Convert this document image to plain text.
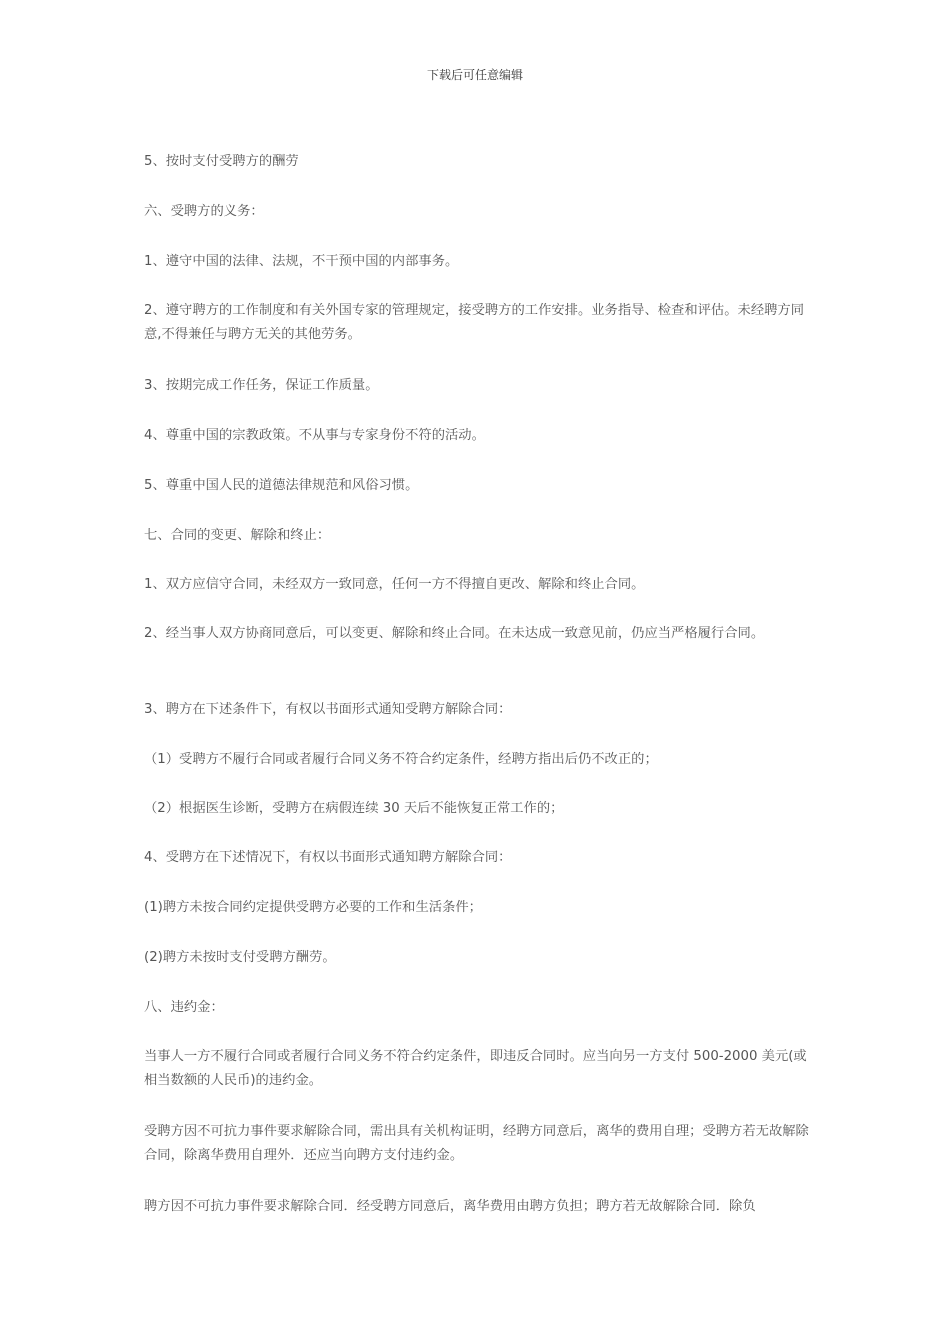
下载后可任意编辑

5、按时支付受聘方的酬劳

六、受聘方的义务：

1、遵守中国的法律、法规，不干预中国的内部事务。

2、遵守聘方的工作制度和有关外国专家的管理规定，接受聘方的工作安排。业务指导、检查和评估。未经聘方同意,不得兼任与聘方无关的其他劳务。

3、按期完成工作任务，保证工作质量。

4、尊重中国的宗教政策。不从事与专家身份不符的活动。

5、尊重中国人民的道德法律规范和风俗习惯。

七、合同的变更、解除和终止：

1、双方应信守合同，未经双方一致同意，任何一方不得擅自更改、解除和终止合同。

2、经当事人双方协商同意后，可以变更、解除和终止合同。在未达成一致意见前，仍应当严格履行合同。

3、聘方在下述条件下，有权以书面形式通知受聘方解除合同：

（1）受聘方不履行合同或者履行合同义务不符合约定条件，经聘方指出后仍不改正的；

（2）根据医生诊断，受聘方在病假连续 30 天后不能恢复正常工作的；

4、受聘方在下述情况下，有权以书面形式通知聘方解除合同：

(1)聘方未按合同约定提供受聘方必要的工作和生活条件；

(2)聘方未按时支付受聘方酬劳。

八、违约金：

当事人一方不履行合同或者履行合同义务不符合约定条件，即违反合同时。应当向另一方支付 500-2000 美元(或相当数额的人民币)的违约金。

受聘方因不可抗力事件要求解除合同，需出具有关机构证明，经聘方同意后，离华的费用自理；受聘方若无故解除合同，除离华费用自理外．还应当向聘方支付违约金。

聘方因不可抗力事件要求解除合同．经受聘方同意后，离华费用由聘方负担；聘方若无故解除合同．除负
